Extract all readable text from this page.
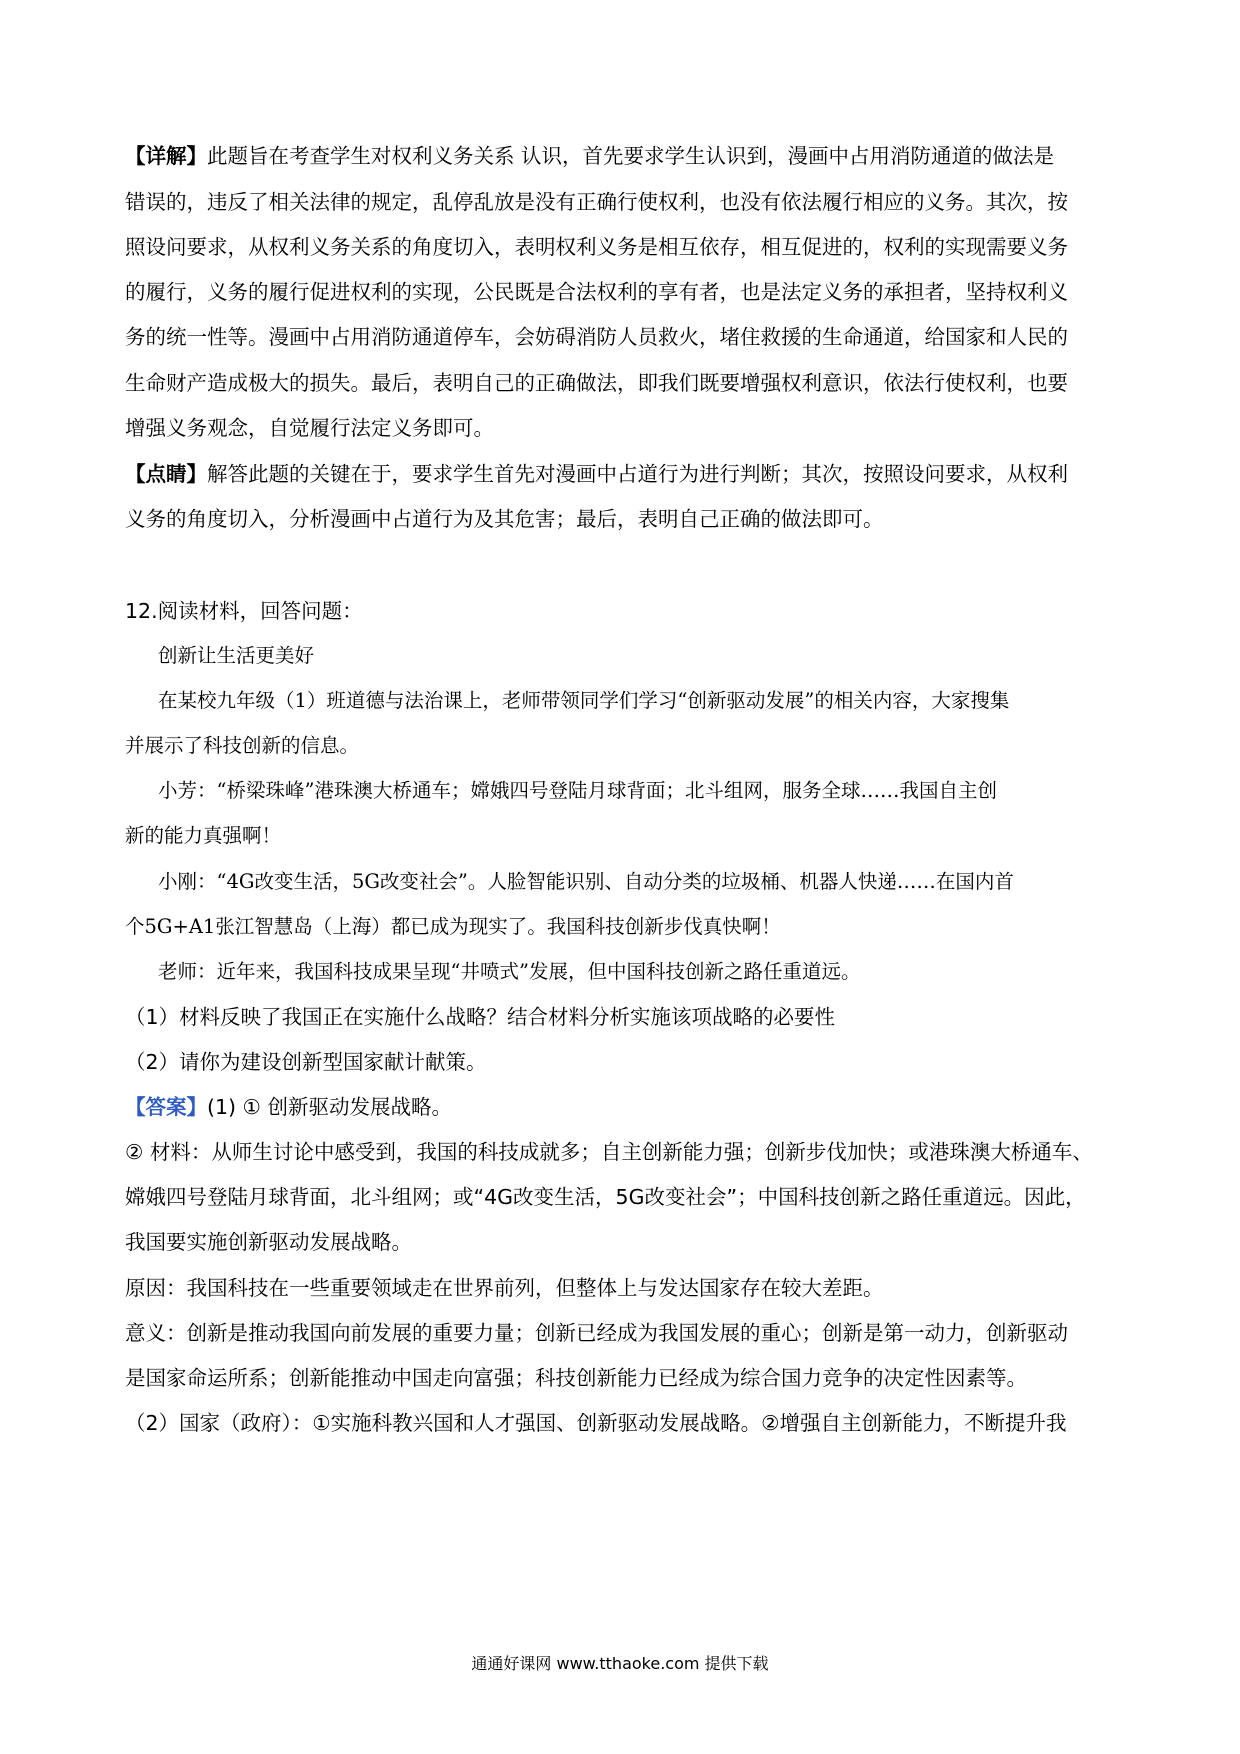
【详解】此题旨在考查学生对权利义务关系 认识，首先要求学生认识到，漫画中占用消防通道的做法是
错误的，违反了相关法律的规定，乱停乱放是没有正确行使权利，也没有依法履行相应的义务。其次，按
照设问要求，从权利义务关系的角度切入，表明权利义务是相互依存，相互促进的，权利的实现需要义务
的履行，义务的履行促进权利的实现，公民既是合法权利的享有者，也是法定义务的承担者，坚持权利义
务的统一性等。漫画中占用消防通道停车，会妨碍消防人员救火，堵住救援的生命通道，给国家和人民的
生命财产造成极大的损失。最后，表明自己的正确做法，即我们既要增强权利意识，依法行使权利，也要
增强义务观念，自觉履行法定义务即可。
【点睛】解答此题的关键在于，要求学生首先对漫画中占道行为进行判断；其次，按照设问要求，从权利
义务的角度切入，分析漫画中占道行为及其危害；最后，表明自己正确的做法即可。
12.阅读材料，回答问题：
创新让生活更美好
在某校九年级（1）班道德与法治课上，老师带领同学们学习“创新驱动发展”的相关内容，大家搜集
并展示了科技创新的信息。
小芳：“桥梁珠峰”港珠澳大桥通车；嫦娥四号登陆月球背面；北斗组网，服务全球……我国自主创
新的能力真强啊！
小刚：“4G改变生活，5G改变社会”。人脸智能识别、自动分类的垃圾桶、机器人快递……在国内首
个5G+A1张江智慧岛（上海）都已成为现实了。我国科技创新步伐真快啊！
老师：近年来，我国科技成果呈现“井喷式”发展，但中国科技创新之路任重道远。
（1）材料反映了我国正在实施什么战略？结合材料分析实施该项战略的必要性
（2）请你为建设创新型国家献计献策。
【答案】(1) ① 创新驱动发展战略。
② 材料：从师生讨论中感受到，我国的科技成就多；自主创新能力强；创新步伐加快；或港珠澳大桥通车、
嫦娥四号登陆月球背面，北斗组网；或“4G改变生活，5G改变社会”；中国科技创新之路任重道远。因此，
我国要实施创新驱动发展战略。
原因：我国科技在一些重要领域走在世界前列，但整体上与发达国家存在较大差距。
意义：创新是推动我国向前发展的重要力量；创新已经成为我国发展的重心；创新是第一动力，创新驱动
是国家命运所系；创新能推动中国走向富强；科技创新能力已经成为综合国力竞争的决定性因素等。
（2）国家（政府）：①实施科教兴国和人才强国、创新驱动发展战略。②增强自主创新能力，不断提升我
通通好课网 www.tthaoke.com 提供下载
